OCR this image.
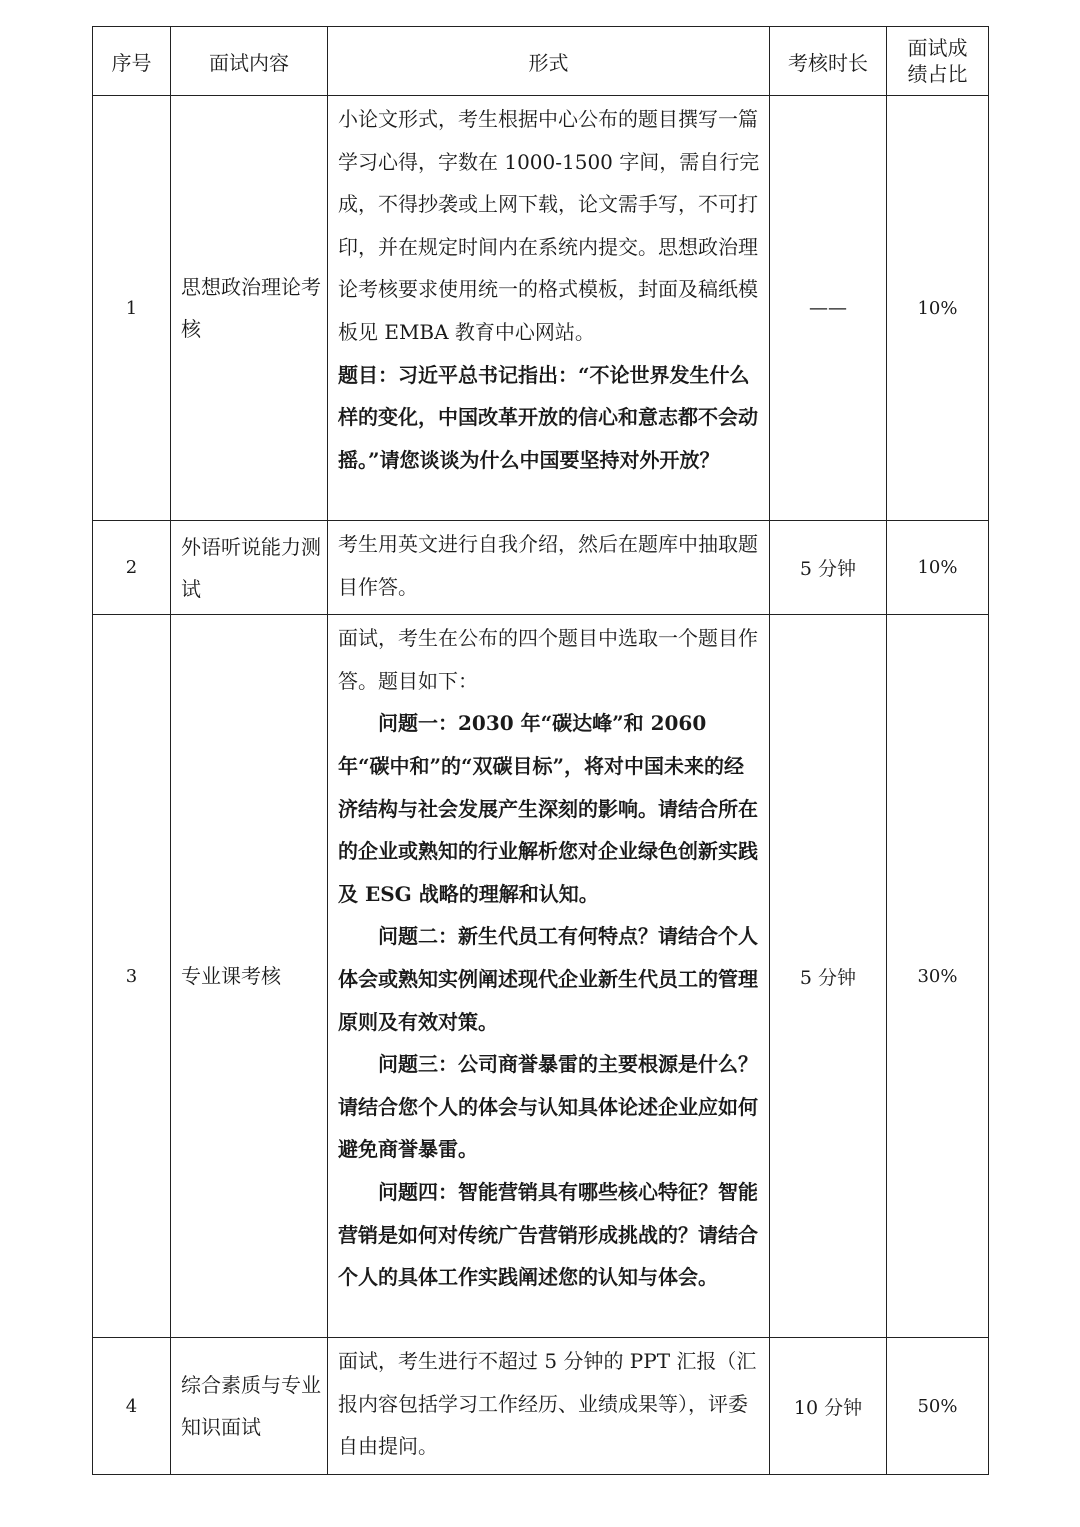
序号	面试内容	形式	考核时长	面试成绩占比
1	思想政治理论考核	小论文形式，考生根据中心公布的题目撰写一篇学习心得，字数在 1000-1500 字间，需自行完成，不得抄袭或上网下载，论文需手写，不可打印，并在规定时间内在系统内提交。思想政治理论考核要求使用统一的格式模板，封面及稿纸模板见 EMBA 教育中心网站。
题目：习近平总书记指出：“不论世界发生什么样的变化，中国改革开放的信心和意志都不会动摇。”请您谈谈为什么中国要坚持对外开放？	——	10%
2	外语听说能力测试	考生用英文进行自我介绍，然后在题库中抽取题目作答。	5 分钟	10%
3	专业课考核	面试，考生在公布的四个题目中选取一个题目作答。题目如下：
问题一：2030 年“碳达峰”和 2060 年“碳中和”的“双碳目标”，将对中国未来的经济结构与社会发展产生深刻的影响。请结合所在的企业或熟知的行业解析您对企业绿色创新实践及 ESG 战略的理解和认知。
问题二：新生代员工有何特点？请结合个人体会或熟知实例阐述现代企业新生代员工的管理原则及有效对策。
问题三：公司商誉暴雷的主要根源是什么？请结合您个人的体会与认知具体论述企业应如何避免商誉暴雷。
问题四：智能营销具有哪些核心特征？智能营销是如何对传统广告营销形成挑战的？请结合个人的具体工作实践阐述您的认知与体会。	5 分钟	30%
4	综合素质与专业知识面试	面试，考生进行不超过 5 分钟的 PPT 汇报（汇报内容包括学习工作经历、业绩成果等），评委自由提问。	10 分钟	50%
